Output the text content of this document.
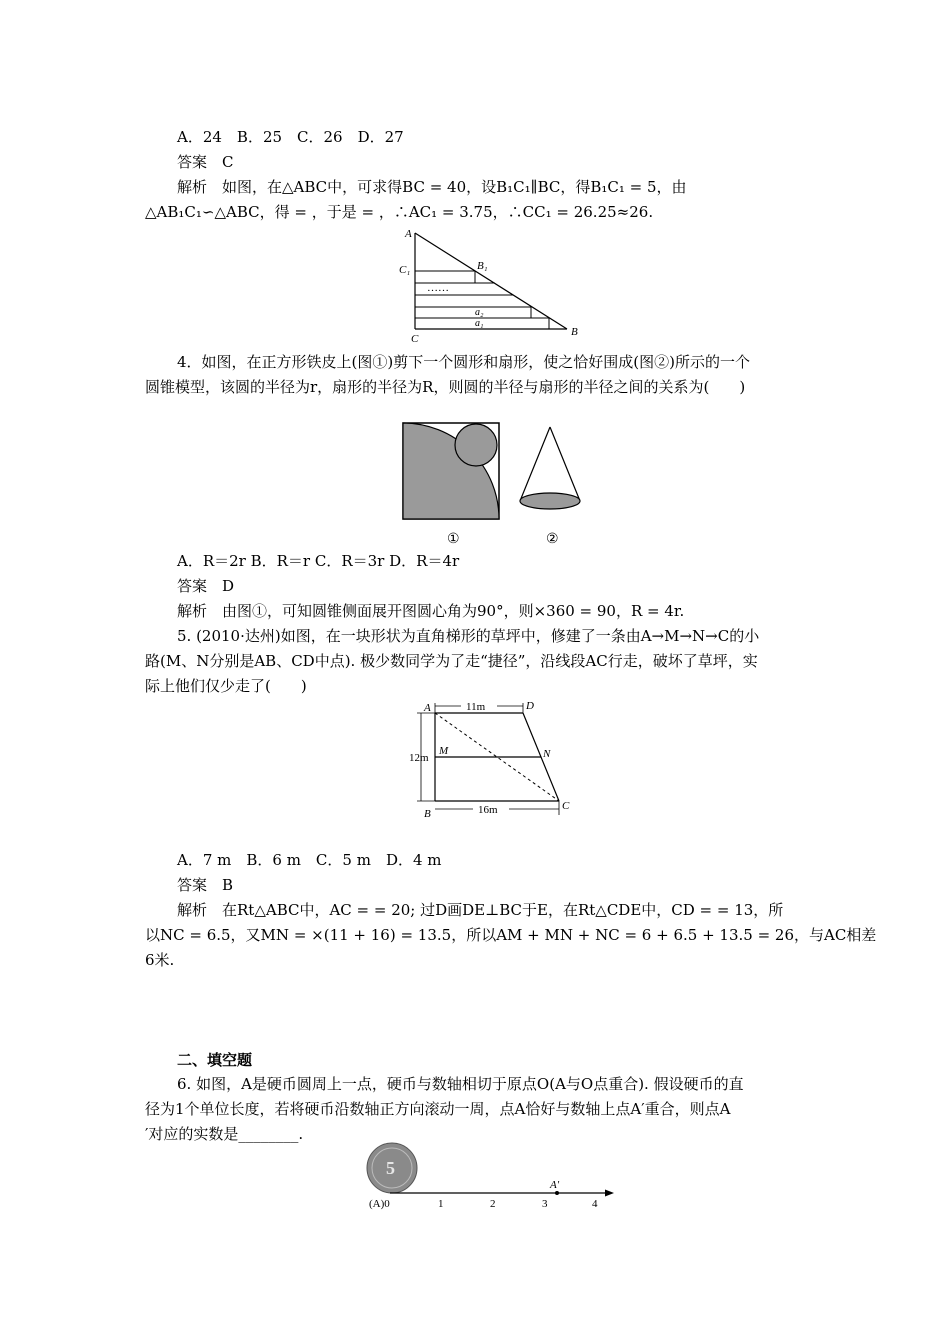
A．24　B．25　C．26　D．27
答案　C
解析　如图，在△ABC中，可求得BC = 40，设B₁C₁∥BC，得B₁C₁ = 5，由
△AB₁C₁∽△ABC，得 = ，于是 = ，∴AC₁ = 3.75，∴CC₁ = 26.25≈26.
A
C₁	B₁
……
a₂
a₁
C
B
4．如图，在正方形铁皮上(图①)剪下一个圆形和扇形，使之恰好围成(图②)所示的一个
圆锥模型，该圆的半径为r，扇形的半径为R，则圆的半径与扇形的半径之间的关系为(　　)
①	②
A．R＝2r B．R＝r C．R＝3r D．R＝4r
答案　D
解析　由图①，可知圆锥侧面展开图圆心角为90°，则×360 = 90，R = 4r.
5. (2010·达州)如图，在一块形状为直角梯形的草坪中，修建了一条由A→M→N→C的小
路(M、N分别是AB、CD中点). 极少数同学为了走“捷径”，沿线段AC行走，破坏了草坪，实
际上他们仅少走了(　　)
11m
16m
12m
A	D
M	N
B
C
A．7 m　B．6 m　C．5 m　D．4 m
答案　B
解析　在Rt△ABC中，AC = = 20; 过D画DE⊥BC于E，在Rt△CDE中，CD = = 13，所
以NC = 6.5，又MN = ×(11 + 16) = 13.5，所以AM + MN + NC = 6 + 6.5 + 13.5 = 26，与AC相差
6米.
二、填空题
6. 如图，A是硬币圆周上一点，硬币与数轴相切于原点O(A与O点重合). 假设硬币的直
径为1个单位长度，若将硬币沿数轴正方向滚动一周，点A恰好与数轴上点A′重合，则点A
′对应的实数是________.
5
A′
(A)0	1	2	3	4
